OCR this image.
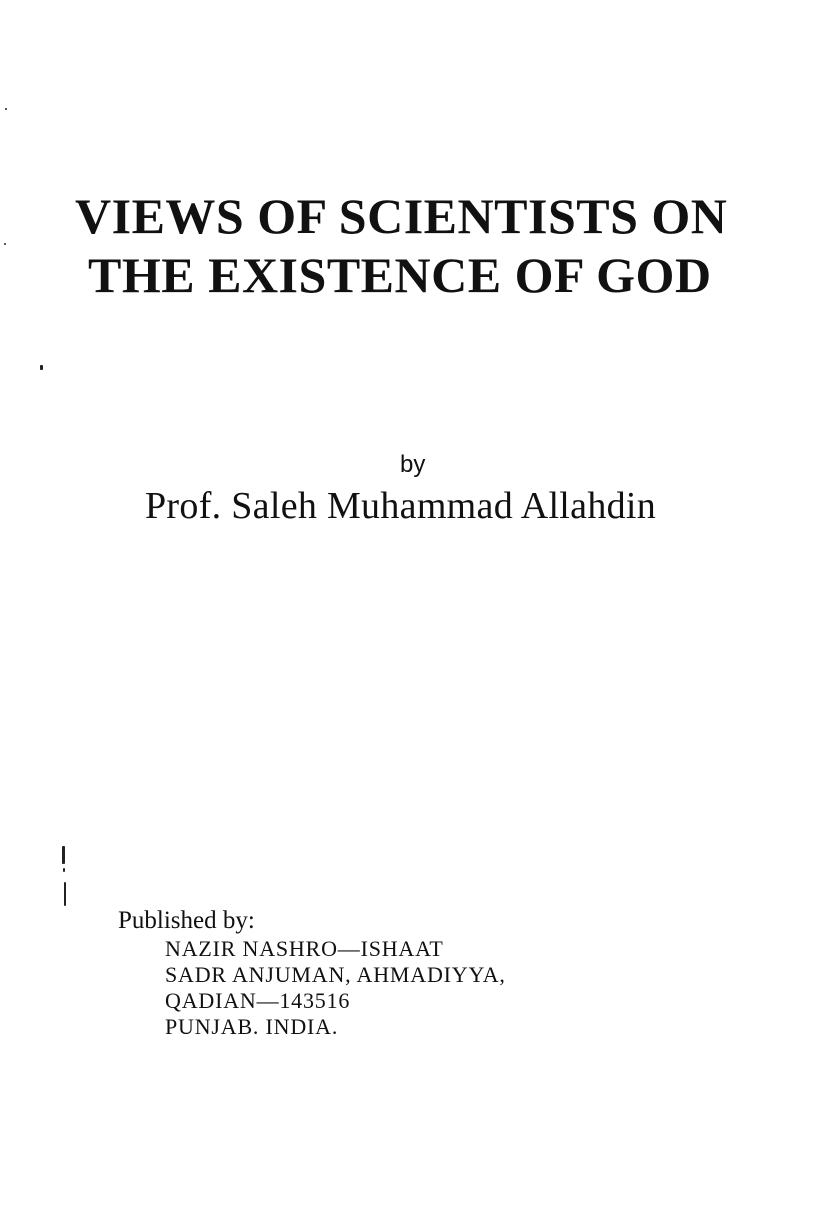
VIEWS OF SCIENTISTS ON
THE EXISTENCE OF GOD
by
Prof. Saleh Muhammad Allahdin
Published by:
NAZIR NASHRO—ISHAAT
SADR ANJUMAN, AHMADIYYA,
QADIAN—143516
PUNJAB. INDIA.
